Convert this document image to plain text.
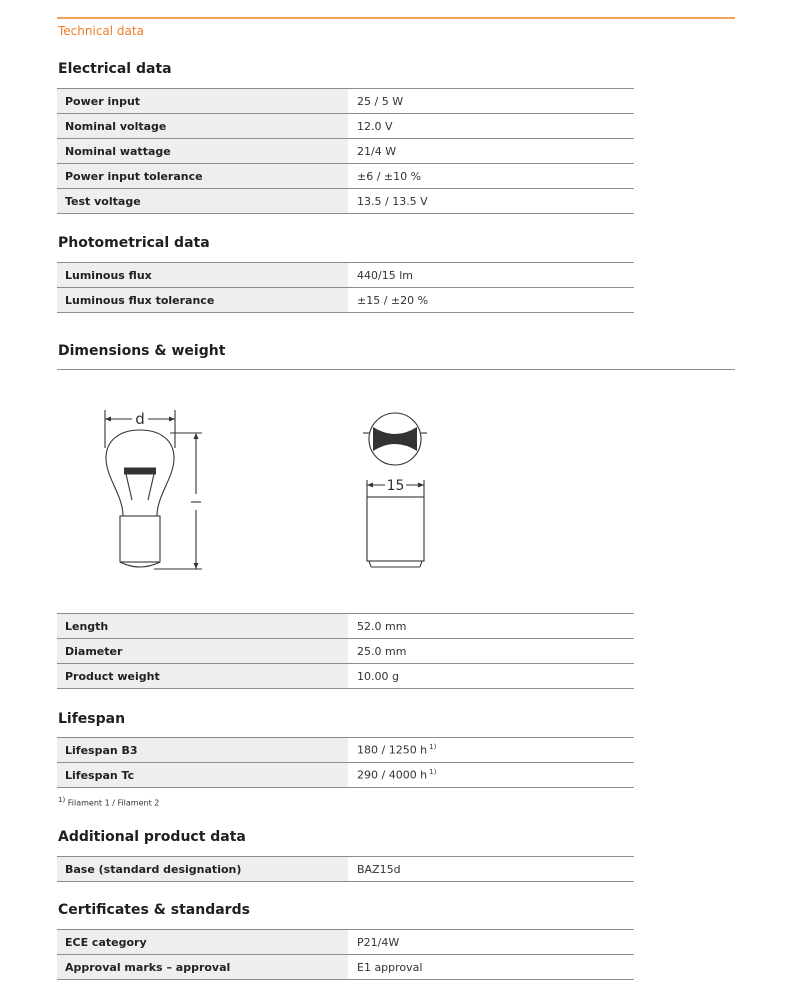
Technical data
Electrical data
Power input	25 / 5 W
Nominal voltage	12.0 V
Nominal wattage	21/4 W
Power input tolerance	±6 / ±10 %
Test voltage	13.5 / 13.5 V
Photometrical data
Luminous flux	440/15 lm
Luminous flux tolerance	±15 / ±20 %
Dimensions & weight
d
15
Length	52.0 mm
Diameter	25.0 mm
Product weight	10.00 g
Lifespan
Lifespan B3	180 / 1250 h $^{1)}$
Lifespan Tc	290 / 4000 h $^{1)}$
$^{1)}$ Filament 1 / Filament 2
Additional product data
Base (standard designation)	BAZ15d
Certificates & standards
ECE category	P21/4W
Approval marks – approval	E1 approval
